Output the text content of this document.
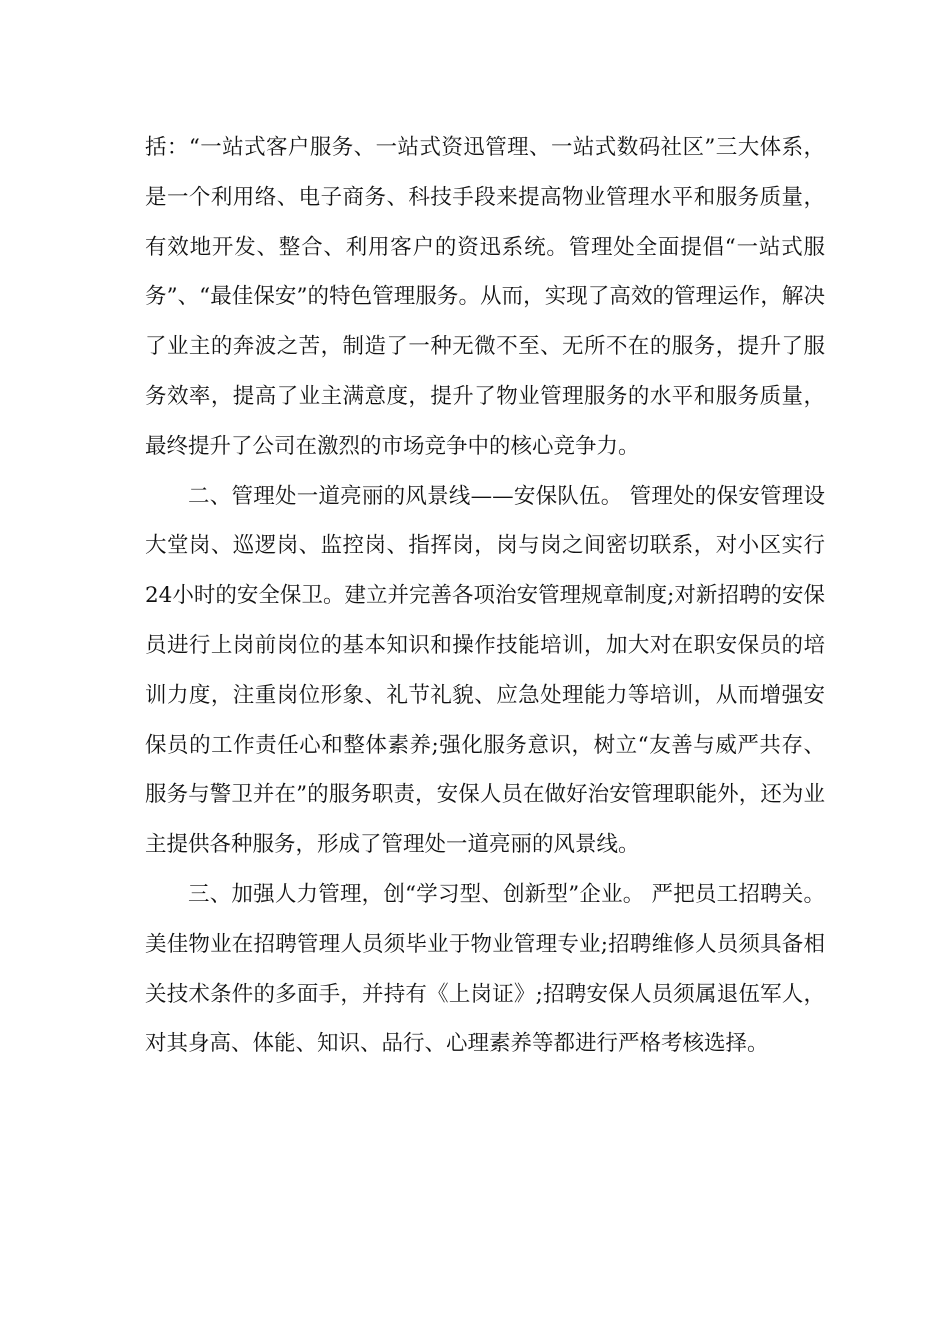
括：“一站式客户服务、一站式资迅管理、一站式数码社区”三大体系，是一个利用络、电子商务、科技手段来提高物业管理水平和服务质量，有效地开发、整合、利用客户的资迅系统。管理处全面提倡“一站式服务”、“最佳保安”的特色管理服务。从而，实现了高效的管理运作，解决了业主的奔波之苦，制造了一种无微不至、无所不在的服务，提升了服务效率，提高了业主满意度，提升了物业管理服务的水平和服务质量，最终提升了公司在激烈的市场竞争中的核心竞争力。

二、管理处一道亮丽的风景线——安保队伍。 管理处的保安管理设大堂岗、巡逻岗、监控岗、指挥岗，岗与岗之间密切联系，对小区实行24小时的安全保卫。建立并完善各项治安管理规章制度;对新招聘的安保员进行上岗前岗位的基本知识和操作技能培训，加大对在职安保员的培训力度，注重岗位形象、礼节礼貌、应急处理能力等培训，从而增强安保员的工作责任心和整体素养;强化服务意识，树立“友善与威严共存、服务与警卫并在”的服务职责，安保人员在做好治安管理职能外，还为业主提供各种服务，形成了管理处一道亮丽的风景线。

三、加强人力管理，创“学习型、创新型”企业。 严把员工招聘关。美佳物业在招聘管理人员须毕业于物业管理专业;招聘维修人员须具备相关技术条件的多面手，并持有《上岗证》;招聘安保人员须属退伍军人，对其身高、体能、知识、品行、心理素养等都进行严格考核选择。
